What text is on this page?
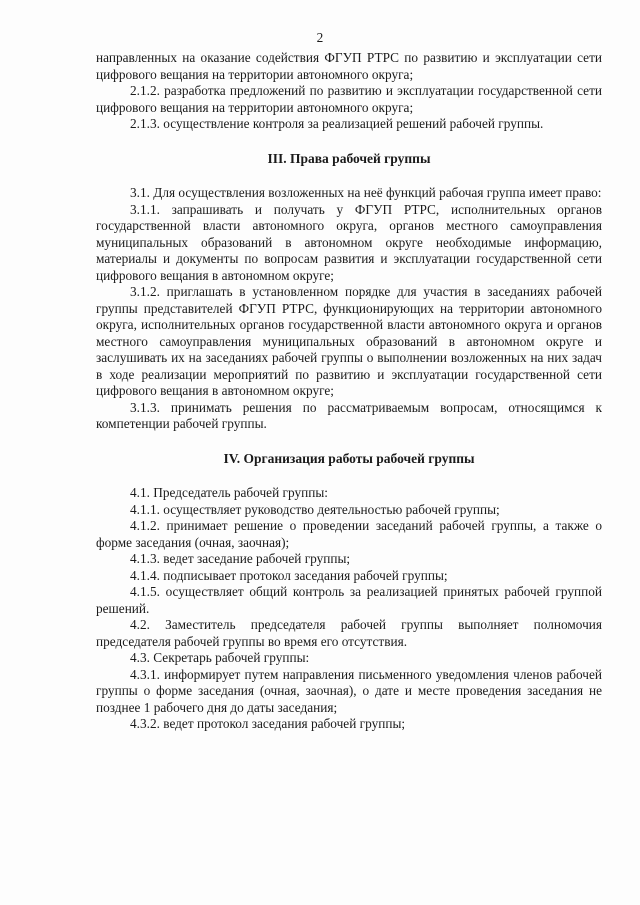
2

направленных на оказание содействия ФГУП РТРС по развитию и эксплуатации сети цифрового вещания на территории автономного округа;

2.1.2. разработка предложений по развитию и эксплуатации государственной сети цифрового вещания на территории автономного округа;

2.1.3. осуществление контроля за реализацией решений рабочей группы.

III. Права рабочей группы

3.1. Для осуществления возложенных на неё функций рабочая группа имеет право:

3.1.1. запрашивать и получать у ФГУП РТРС, исполнительных органов государственной власти автономного округа, органов местного самоуправления муниципальных образований в автономном округе необходимые информацию, материалы и документы по вопросам развития и эксплуатации государственной сети цифрового вещания в автономном округе;

3.1.2. приглашать в установленном порядке для участия в заседаниях рабочей группы представителей ФГУП РТРС, функционирующих на территории автономного округа, исполнительных органов государственной власти автономного округа и органов местного самоуправления муниципальных образований в автономном округе и заслушивать их на заседаниях рабочей группы о выполнении возложенных на них задач в ходе реализации мероприятий по развитию и эксплуатации государственной сети цифрового вещания в автономном округе;

3.1.3. принимать решения по рассматриваемым вопросам, относящимся к компетенции рабочей группы.

IV. Организация работы рабочей группы

4.1. Председатель рабочей группы:

4.1.1. осуществляет руководство деятельностью рабочей группы;

4.1.2. принимает решение о проведении заседаний рабочей группы, а также о форме заседания (очная, заочная);

4.1.3. ведет заседание рабочей группы;

4.1.4. подписывает протокол заседания рабочей группы;

4.1.5. осуществляет общий контроль за реализацией принятых рабочей группой решений.

4.2. Заместитель председателя рабочей группы выполняет полномочия председателя рабочей группы во время его отсутствия.

4.3. Секретарь рабочей группы:

4.3.1. информирует путем направления письменного уведомления членов рабочей группы о форме заседания (очная, заочная), о дате и месте проведения заседания не позднее 1 рабочего дня до даты заседания;

4.3.2. ведет протокол заседания рабочей группы;
